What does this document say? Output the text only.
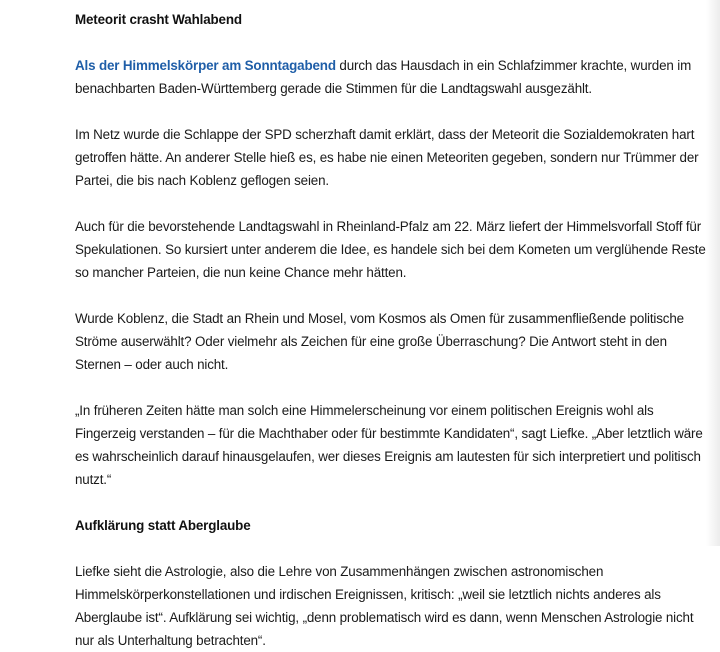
Meteorit crasht Wahlabend

Als der Himmelskörper am Sonntagabend durch das Hausdach in ein Schlafzimmer krachte, wurden im benachbarten Baden-Württemberg gerade die Stimmen für die Landtagswahl ausgezählt.

Im Netz wurde die Schlappe der SPD scherzhaft damit erklärt, dass der Meteorit die Sozialdemokraten hart getroffen hätte. An anderer Stelle hieß es, es habe nie einen Meteoriten gegeben, sondern nur Trümmer der Partei, die bis nach Koblenz geflogen seien.

Auch für die bevorstehende Landtagswahl in Rheinland-Pfalz am 22. März liefert der Himmelsvorfall Stoff für Spekulationen. So kursiert unter anderem die Idee, es handele sich bei dem Kometen um verglühende Reste so mancher Parteien, die nun keine Chance mehr hätten.

Wurde Koblenz, die Stadt an Rhein und Mosel, vom Kosmos als Omen für zusammenfließende politische Ströme auserwählt? Oder vielmehr als Zeichen für eine große Überraschung? Die Antwort steht in den Sternen – oder auch nicht.

„In früheren Zeiten hätte man solch eine Himmelerscheinung vor einem politischen Ereignis wohl als Fingerzeig verstanden – für die Machthaber oder für bestimmte Kandidaten“, sagt Liefke. „Aber letztlich wäre es wahrscheinlich darauf hinausgelaufen, wer dieses Ereignis am lautesten für sich interpretiert und politisch nutzt.“

Aufklärung statt Aberglaube

Liefke sieht die Astrologie, also die Lehre von Zusammenhängen zwischen astronomischen Himmelskörperkonstellationen und irdischen Ereignissen, kritisch: „weil sie letztlich nichts anderes als Aberglaube ist“. Aufklärung sei wichtig, „denn problematisch wird es dann, wenn Menschen Astrologie nicht nur als Unterhaltung betrachten“.
